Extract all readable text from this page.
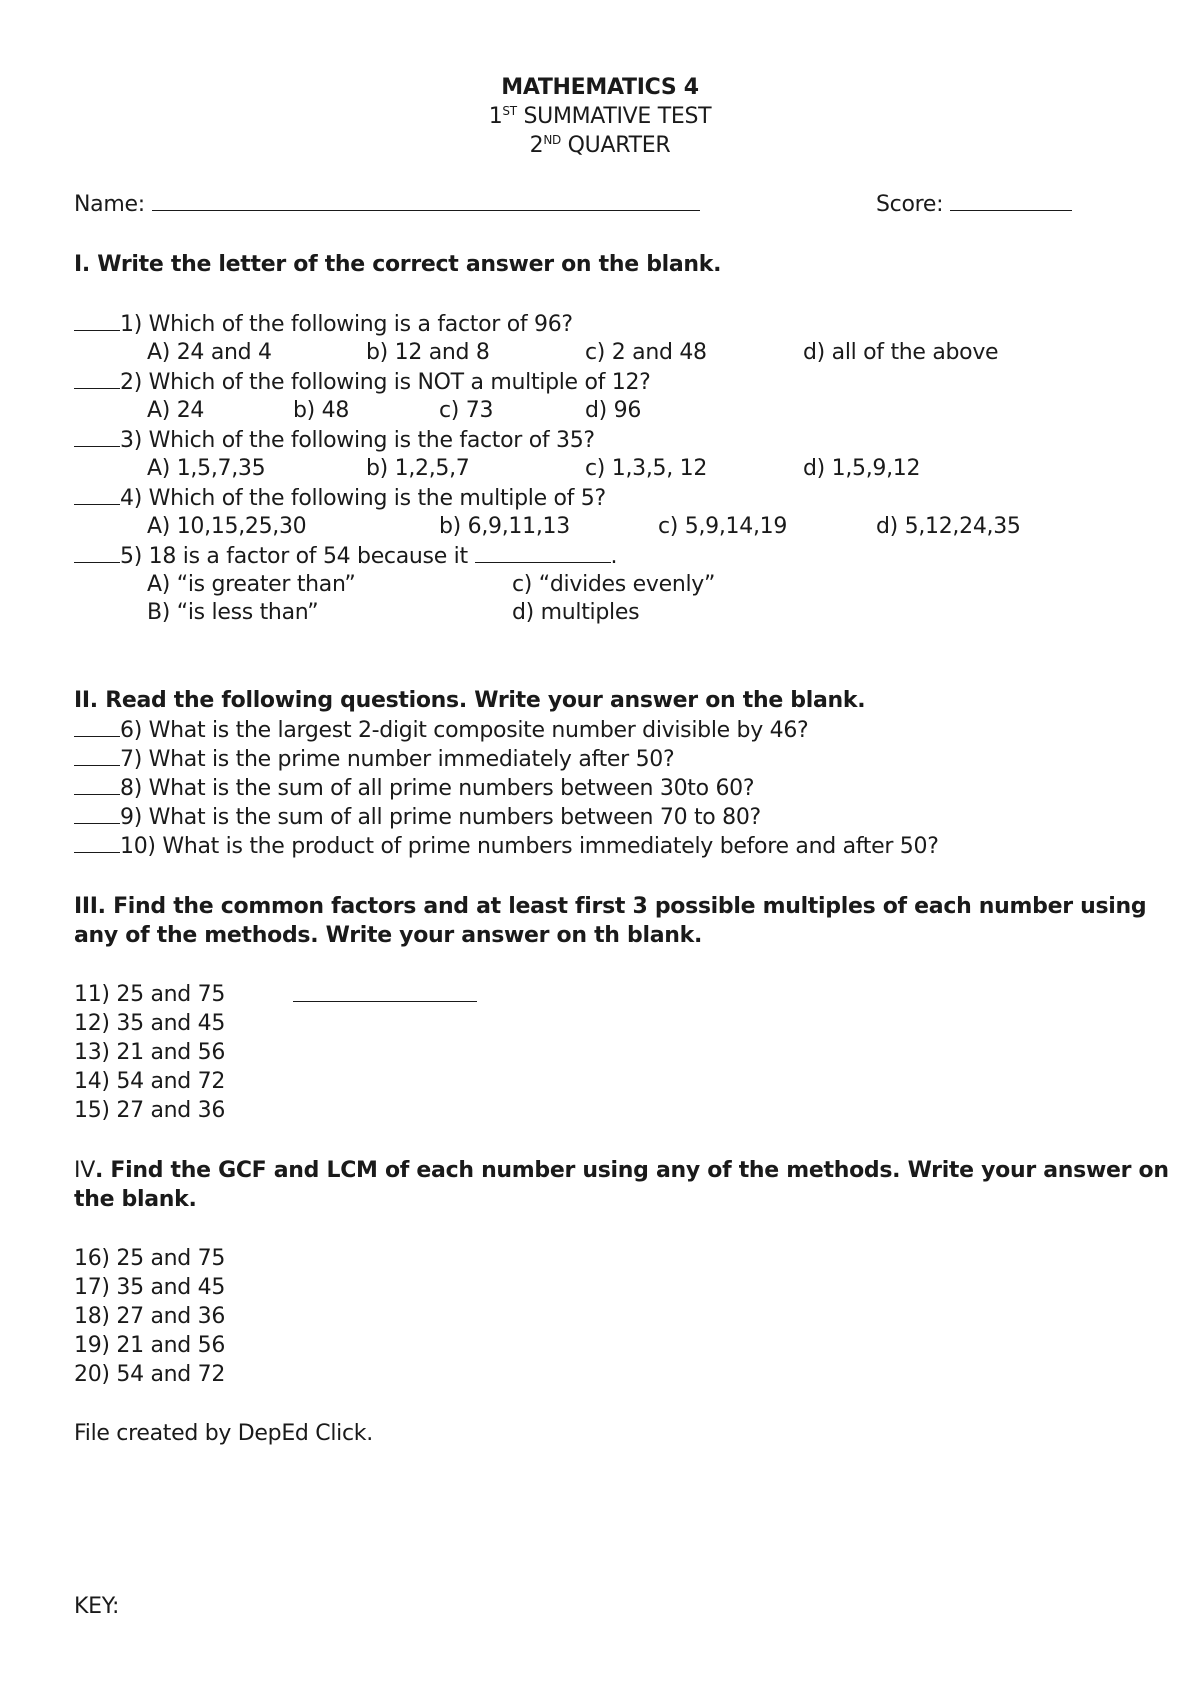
MATHEMATICS 4
1ST SUMMATIVE TEST
2ND QUARTER
Name:	Score:
I. Write the letter of the correct answer on the blank.
1) Which of the following is a factor of 96?
A) 24 and 4	b) 12 and 8	c) 2 and 48	d) all of the above
2) Which of the following is NOT a multiple of 12?
A) 24	b) 48	c) 73	d) 96
3) Which of the following is the factor of 35?
A) 1,5,7,35	b) 1,2,5,7	c) 1,3,5, 12	d) 1,5,9,12
4) Which of the following is the multiple of 5?
A) 10,15,25,30	b) 6,9,11,13	c) 5,9,14,19	d) 5,12,24,35
5) 18 is a factor of 54 because it	.
A) “is greater than”	c) “divides evenly”
B) “is less than”	d) multiples
II. Read the following questions. Write your answer on the blank.
6) What is the largest 2-digit composite number divisible by 46?
7) What is the prime number immediately after 50?
8) What is the sum of all prime numbers between 30to 60?
9) What is the sum of all prime numbers between 70 to 80?
10) What is the product of prime numbers immediately before and after 50?
III. Find the common factors and at least first 3 possible multiples of each number using
any of the methods. Write your answer on th blank.
11) 25 and 75
12) 35 and 45
13) 21 and 56
14) 54 and 72
15) 27 and 36
IV. Find the GCF and LCM of each number using any of the methods. Write your answer on
the blank.
16) 25 and 75
17) 35 and 45
18) 27 and 36
19) 21 and 56
20) 54 and 72
File created by DepEd Click.
KEY:
